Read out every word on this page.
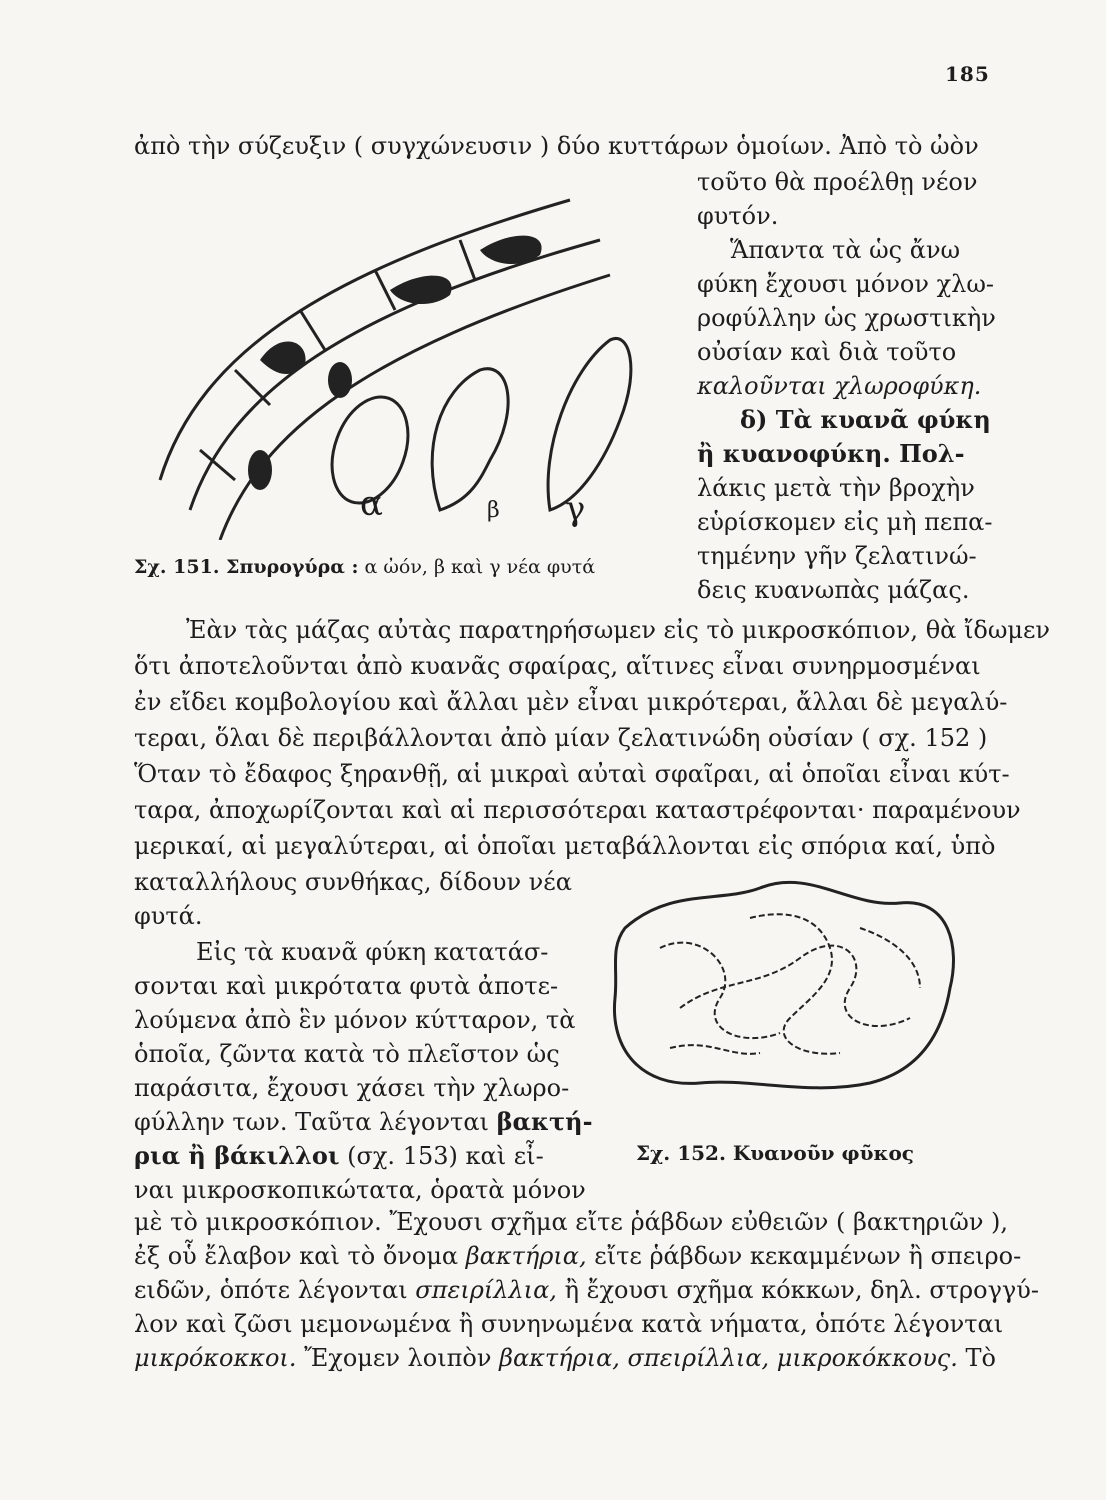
185
ἀπὸ τὴν σύζευξιν ( συγχώνευσιν ) δύο κυττάρων ὁμοίων. Ἀπὸ τὸ ὠὸν
α	β γ
Σχ. 151. Σπυρογύρα : α ὠόν, β καὶ γ νέα φυτά
τοῦτο θὰ προέλθῃ νέον
φυτόν.
Ἅπαντα τὰ ὡς ἄνω
φύκη ἔχουσι μόνον χλω-
ροφύλλην ὡς χρωστικὴν
οὐσίαν καὶ διὰ τοῦτο
καλοῦνται χλωροφύκη.
δ) Τὰ κυανᾶ φύκη
ἢ κυανοφύκη. Πολ-
λάκις μετὰ τὴν βροχὴν
εὑρίσκομεν εἰς μὴ πεπα-
τημένην γῆν ζελατινώ-
δεις κυανωπὰς μάζας.
Ἐὰν τὰς μάζας αὐτὰς παρατηρήσωμεν εἰς τὸ μικροσκόπιον, θὰ ἴδωμεν
ὅτι ἀποτελοῦνται ἀπὸ κυανᾶς σφαίρας, αἵτινες εἶναι συνηρμοσμέναι
ἐν εἴδει κομβολογίου καὶ ἄλλαι μὲν εἶναι μικρότεραι, ἄλλαι δὲ μεγαλύ-
τεραι, ὅλαι δὲ περιβάλλονται ἀπὸ μίαν ζελατινώδη οὐσίαν ( σχ. 152 )
Ὅταν τὸ ἔδαφος ξηρανθῇ, αἱ μικραὶ αὐταὶ σφαῖραι, αἱ ὁποῖαι εἶναι κύτ-
ταρα, ἀποχωρίζονται καὶ αἱ περισσότεραι καταστρέφονται· παραμένουν
μερικαί, αἱ μεγαλύτεραι, αἱ ὁποῖαι μεταβάλλονται εἰς σπόρια καί, ὑπὸ
καταλλήλους συνθήκας, δίδουν νέα
φυτά.
Εἰς τὰ κυανᾶ φύκη κατατάσ-
σονται καὶ μικρότατα φυτὰ ἀποτε-
λούμενα ἀπὸ ἓν μόνον κύτταρον, τὰ
ὁποῖα, ζῶντα κατὰ τὸ πλεῖστον ὡς
παράσιτα, ἔχουσι χάσει τὴν χλωρο-
φύλλην των. Ταῦτα λέγονται βακτή-
ρια ἢ βάκιλλοι (σχ. 153) καὶ εἶ-
ναι μικροσκοπικώτατα, ὁρατὰ μόνον
Σχ. 152. Κυανοῦν φῦκος
μὲ τὸ μικροσκόπιον. Ἔχουσι σχῆμα εἴτε ῥάβδων εὐθειῶν ( βακτηριῶν ),
ἐξ οὗ ἔλαβον καὶ τὸ ὄνομα βακτήρια, εἴτε ῥάβδων κεκαμμένων ἢ σπειρο-
ειδῶν, ὁπότε λέγονται σπειρίλλια, ἢ ἔχουσι σχῆμα κόκκων, δηλ. στρογγύ-
λον καὶ ζῶσι μεμονωμένα ἢ συνηνωμένα κατὰ νήματα, ὁπότε λέγονται
μικρόκοκκοι. Ἔχομεν λοιπὸν βακτήρια, σπειρίλλια, μικροκόκκους. Τὸ
